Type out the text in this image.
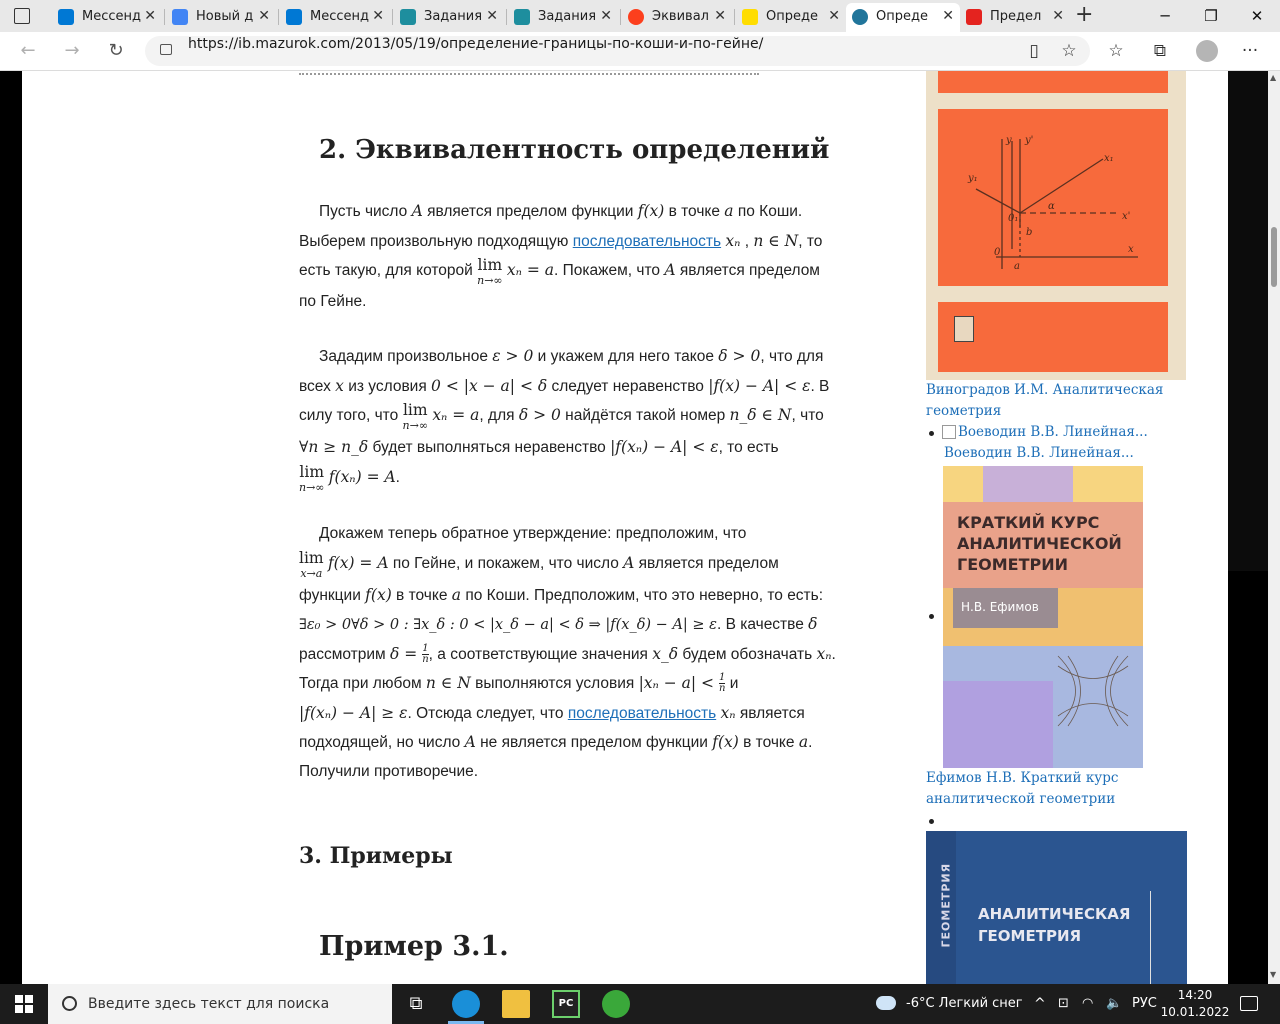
Мессенд ✕	Новый д ✕	Мессенд ✕	Задания ✕	Задания ✕	Эквивал ✕	Опреде ✕	Опреде ✕	Предел ✕ +	─	❐	✕
←	→	↻	https://ib.mazurok.com/2013/05/19/определение-границы-по-коши-и-по-гейне/	▯	☆	☆	⧉	···
2. Эквивалентность определений

Пусть число A является пределом функции f(x) в точке a по Коши.
Выберем произвольную подходящую последовательность xₙ , n ∈ N, то
есть такую, для которой lim
n→∞ xₙ = a. Покажем, что A является пределом
по Гейне.

Зададим произвольное ε > 0 и укажем для него такое δ > 0, что для
всех x из условия 0 < |x − a| < δ следует неравенство |f(x) − A| < ε. В
силу того, что lim
n→∞ xₙ = a, для δ > 0 найдётся такой номер n_δ ∈ N, что
∀n ≥ n_δ будет выполняться неравенство |f(xₙ) − A| < ε, то есть
lim
n→∞ f(xₙ) = A.

Докажем теперь обратное утверждение: предположим, что
lim
x→a f(x) = A по Гейне, и покажем, что число A является пределом
функции f(x) в точке a по Коши. Предположим, что это неверно, то есть:
∃ε₀ > 0∀δ > 0 : ∃x_δ : 0 < |x_δ − a| < δ ⇒ |f(x_δ) − A| ≥ ε. В качестве δ
рассмотрим $\delta = \frac{1}{n}$, а соответствующие значения x_δ будем обозначать xₙ.
Тогда при любом n ∈ N выполняются условия $|x_n - a| < \frac{1}{n}$ и
|f(xₙ) − A| ≥ ε. Отсюда следует, что последовательность xₙ является
подходящей, но число A не является пределом функции f(x) в точке a.
Получили противоречие.

3. Примеры
Пример 3.1.
y y'
y₁
x₁
x'
x
0
0₁
a
b
α
Виноградов И.М. Аналитическая геометрия
Воеводин В.В. Линейная... Воеводин В.В. Линейная...
КРАТКИЙ КУРС АНАЛИТИЧЕСКОЙ ГЕОМЕТРИИ
Н.В. Ефимов
Ефимов Н.В. Краткий курс аналитической геометрии
ГЕОМЕТРИЯ АНАЛИТИЧЕСКАЯ ГЕОМЕТРИЯ
▲
▼
Введите здесь текст для поиска	⧉	PC	-6°C Легкий снег ^ ⊡ ◠ 🔈 РУС
14:20
10.01.2022
